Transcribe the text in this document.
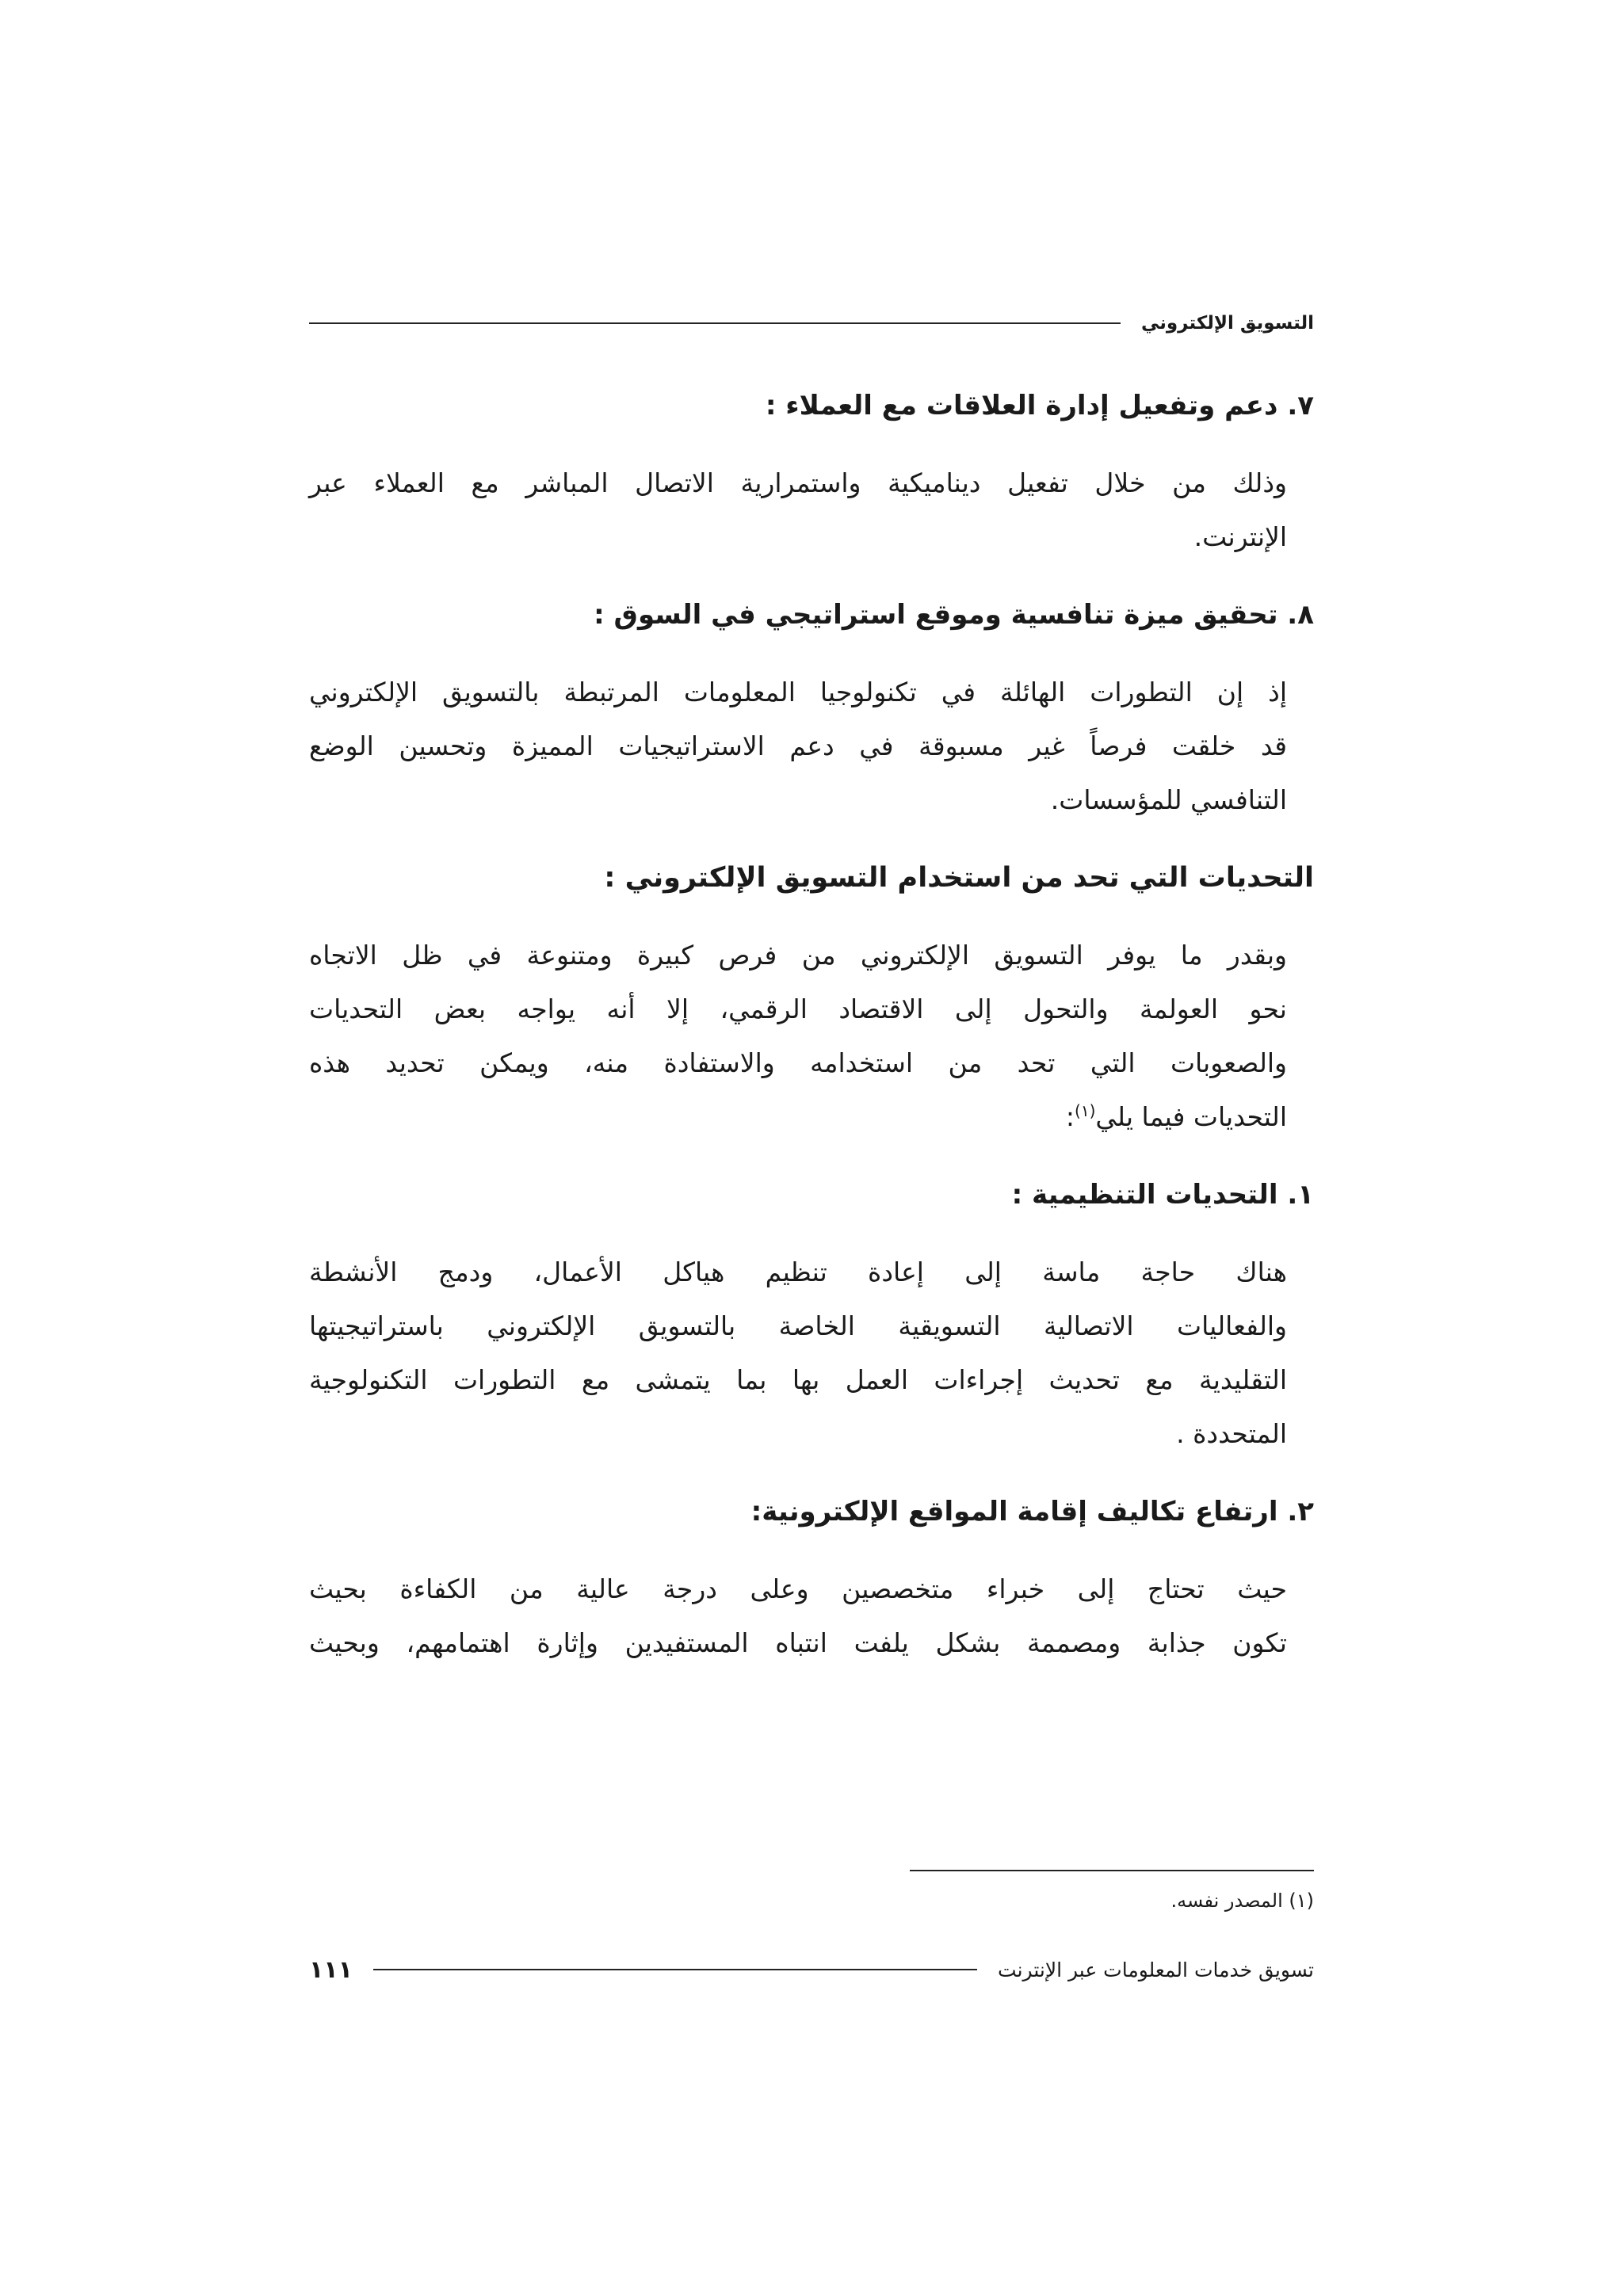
التسويق الإلكتروني
٧. دعم وتفعيل إدارة العلاقات مع العملاء :
وذلك من خلال تفعيل ديناميكية واستمرارية الاتصال المباشر مع العملاء عبر
الإنترنت.
٨. تحقيق ميزة تنافسية وموقع استراتيجي في السوق :
إذ إن التطورات الهائلة في تكنولوجيا المعلومات المرتبطة بالتسويق الإلكتروني
قد خلقت فرصاً غير مسبوقة في دعم الاستراتيجيات المميزة وتحسين الوضع
التنافسي للمؤسسات.
التحديات التي تحد من استخدام التسويق الإلكتروني :
وبقدر ما يوفر التسويق الإلكتروني من فرص كبيرة ومتنوعة في ظل الاتجاه
نحو العولمة والتحول إلى الاقتصاد الرقمي، إلا أنه يواجه بعض التحديات
والصعوبات التي تحد من استخدامه والاستفادة منه، ويمكن تحديد هذه
التحديات فيما يلي$^{(١)}$:
١. التحديات التنظيمية :
هناك حاجة ماسة إلى إعادة تنظيم هياكل الأعمال، ودمج الأنشطة
والفعاليات الاتصالية التسويقية الخاصة بالتسويق الإلكتروني باستراتيجيتها
التقليدية مع تحديث إجراءات العمل بها بما يتمشى مع التطورات التكنولوجية
المتحددة .
٢. ارتفاع تكاليف إقامة المواقع الإلكترونية:
حيث تحتاج إلى خبراء متخصصين وعلى درجة عالية من الكفاءة بحيث
تكون جذابة ومصممة بشكل يلفت انتباه المستفيدين وإثارة اهتمامهم، وبحيث
(١) المصدر نفسه.
تسويق خدمات المعلومات عبر الإنترنت
١١١
